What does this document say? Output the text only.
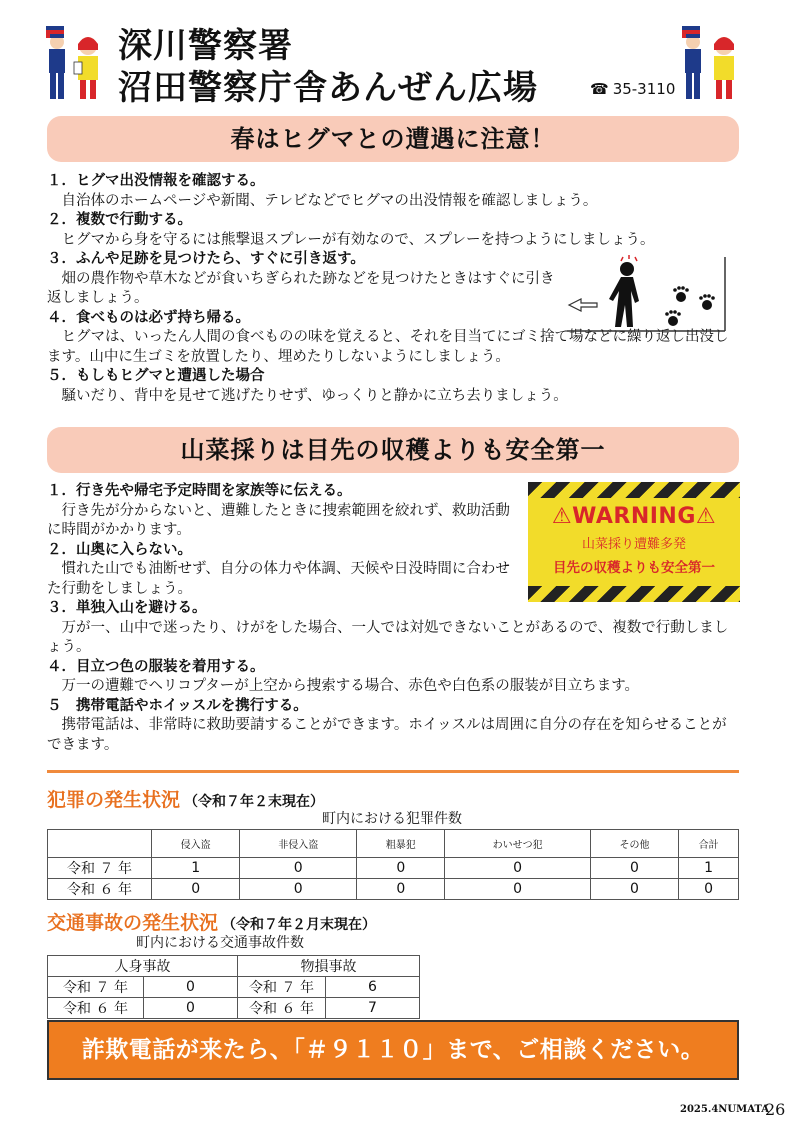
深川警察署
沼田警察庁舎あんぜん広場	☎ 35-3110
春はヒグマとの遭遇に注意！
１．ヒグマ出没情報を確認する。
自治体のホームページや新聞、テレビなどでヒグマの出没情報を確認しましょう。
２．複数で行動する。
ヒグマから身を守るには熊撃退スプレーが有効なので、スプレーを持つようにしましょう。
３．ふんや足跡を見つけたら、すぐに引き返す。
畑の農作物や草木などが食いちぎられた跡などを見つけたときはすぐに引き返しましょう。
４．食べものは必ず持ち帰る。
ヒグマは、いったん人間の食べものの味を覚えると、それを目当てにゴミ捨て場などに繰り返し出没します。山中に生ゴミを放置したり、埋めたりしないようにしましょう。
５．もしもヒグマと遭遇した場合
騒いだり、背中を見せて逃げたりせず、ゆっくりと静かに立ち去りましょう。
山菜採りは目先の収穫よりも安全第一
１．行き先や帰宅予定時間を家族等に伝える。
行き先が分からないと、遭難したときに捜索範囲を絞れず、救助活動に時間がかかります。
２．山奥に入らない。
慣れた山でも油断せず、自分の体力や体調、天候や日没時間に合わせた行動をしましょう。
３．単独入山を避ける。
万が一、山中で迷ったり、けがをした場合、一人では対処できないことがあるので、複数で行動しましょう。
４．目立つ色の服装を着用する。
万一の遭難でヘリコプターが上空から捜索する場合、赤色や白色系の服装が目立ちます。
５　携帯電話やホイッスルを携行する。
携帯電話は、非常時に救助要請することができます。ホイッスルは周囲に自分の存在を知らせることができます。
⚠WARNING⚠
山菜採り遭難多発
目先の収穫よりも安全第一
犯罪の発生状況 （令和７年２末現在）
町内における犯罪件数
	侵入盗	非侵入盗	粗暴犯	わいせつ犯	その他	合計
令和 ７ 年	1	0	0	0	0	1
令和 ６ 年	0	0	0	0	0	0
交通事故の発生状況 （令和７年２月末現在）
町内における交通事故件数
人身事故		物損事故	
令和 ７ 年	0	令和 ７ 年	6
令和 ６ 年	0	令和 ６ 年	7
詐欺電話が来たら、「＃９１１０」まで、ご相談ください。
2025.4NUMATA
26
